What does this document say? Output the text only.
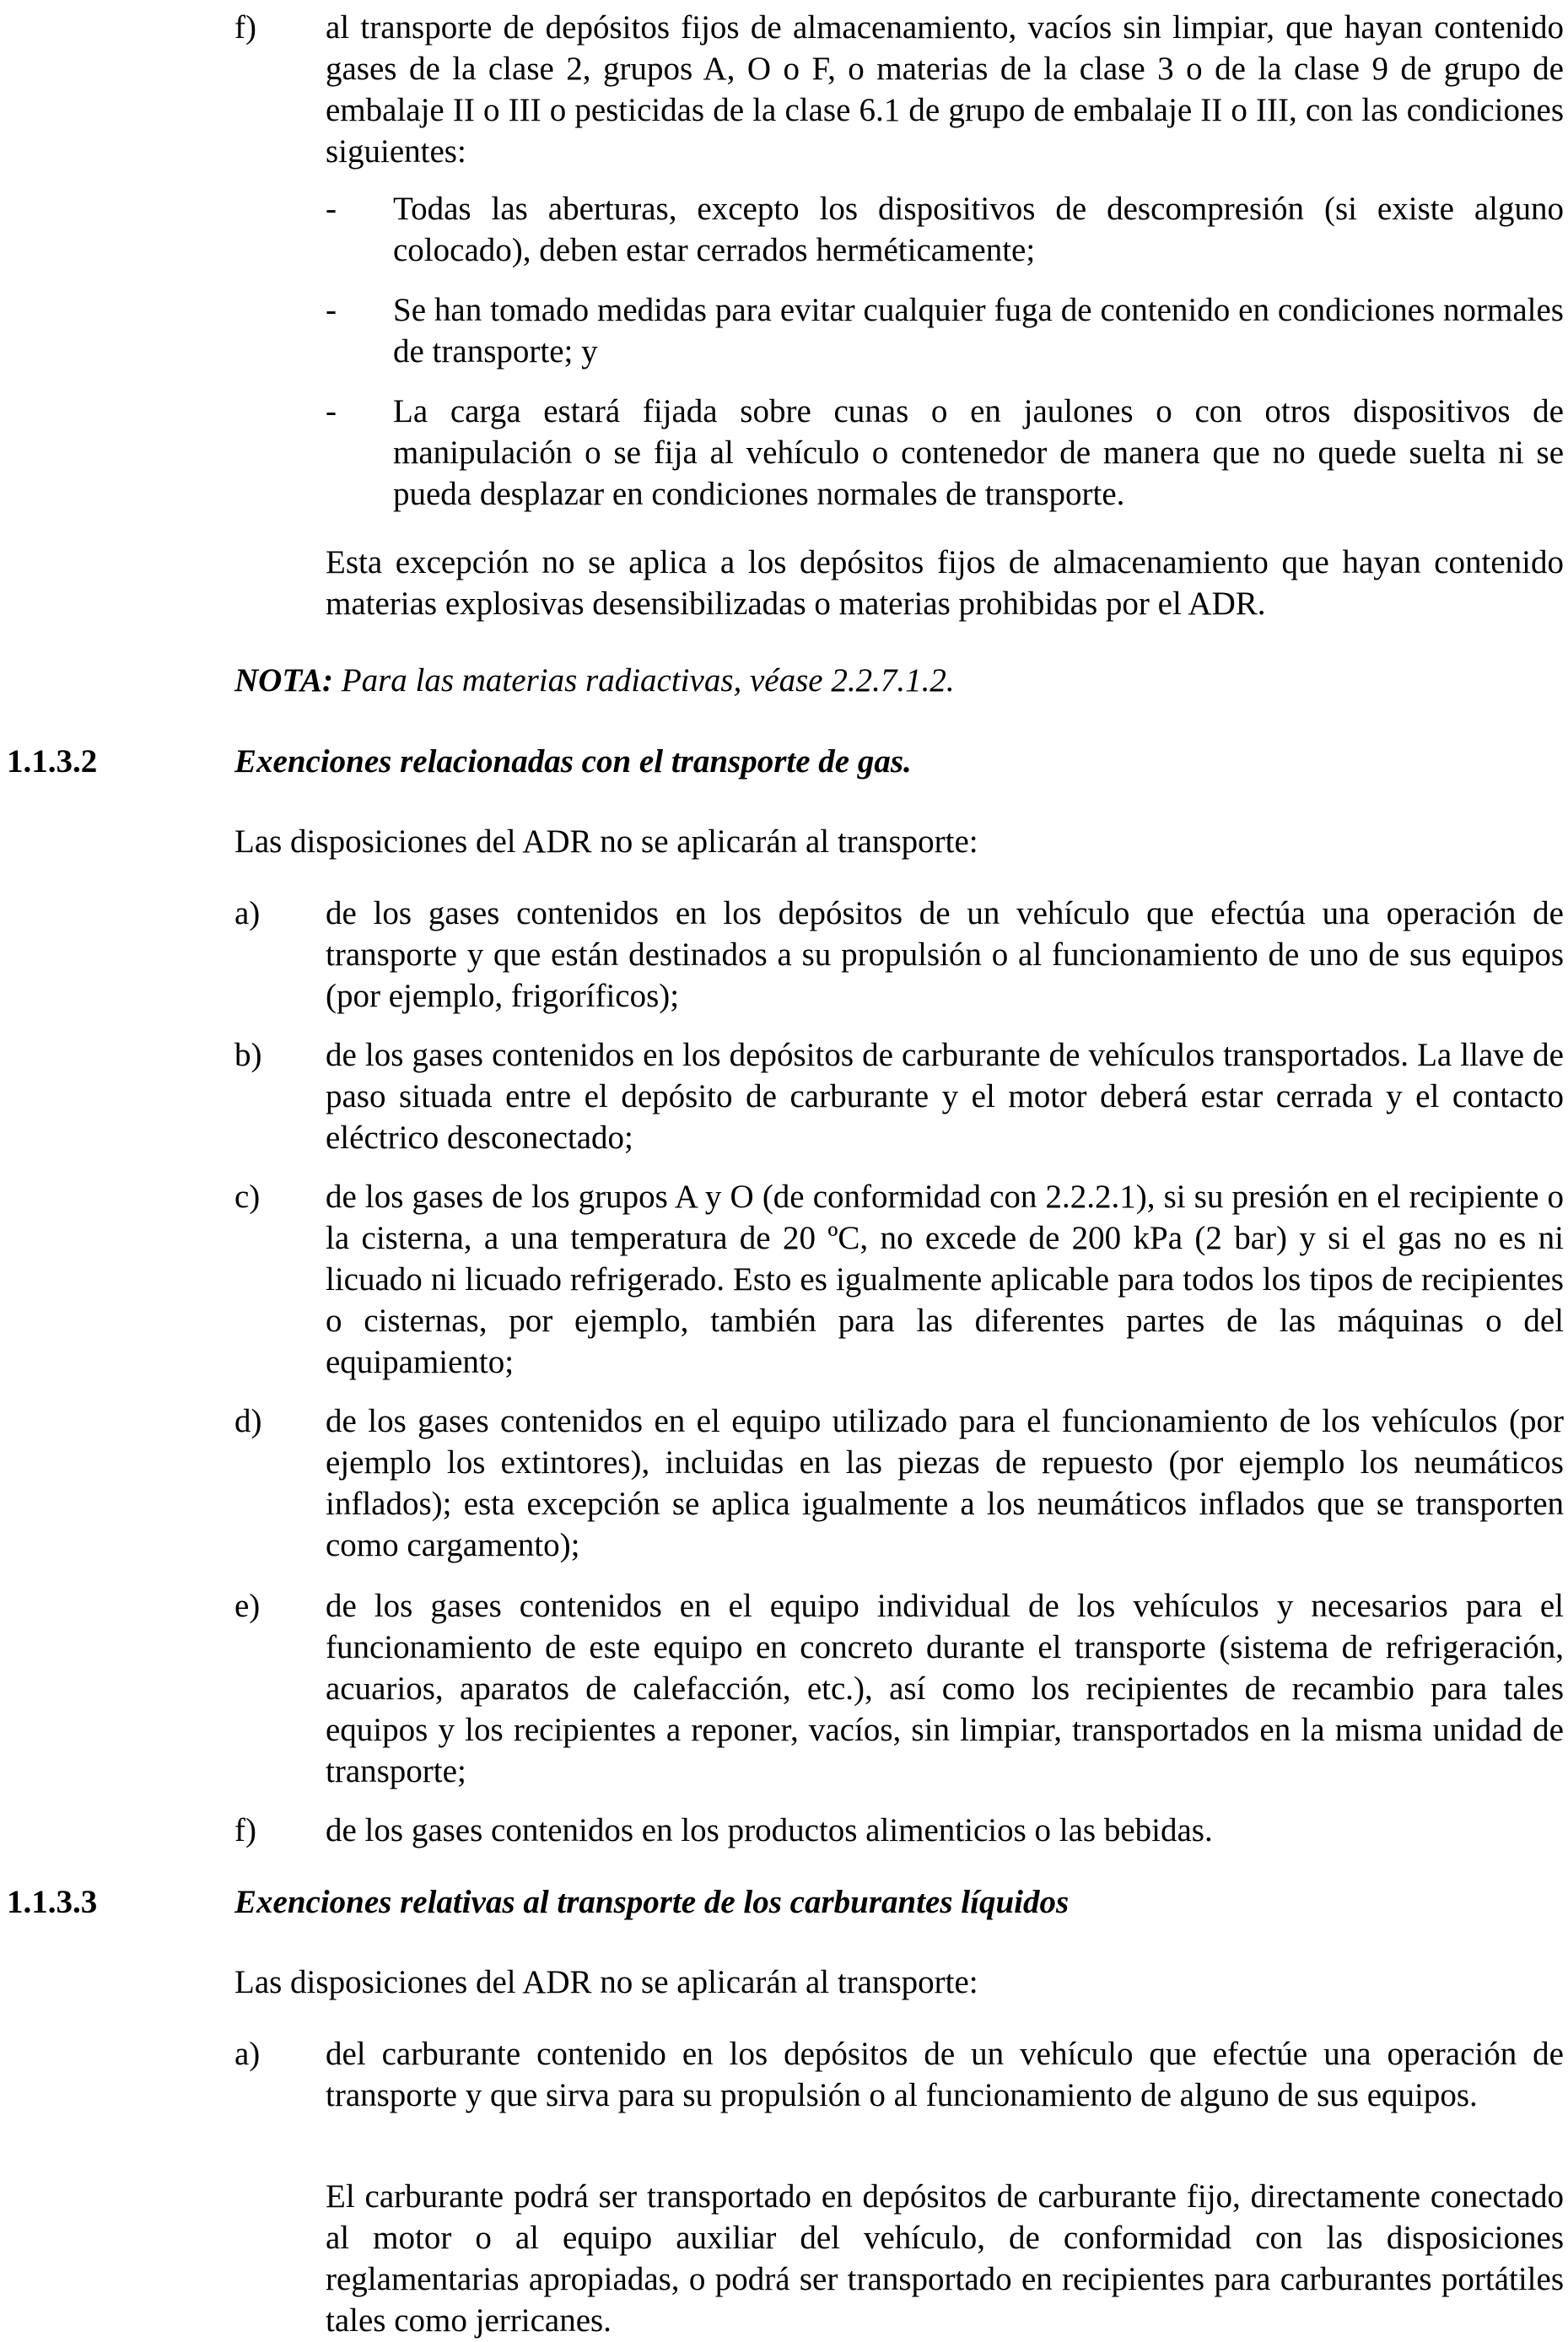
f) al transporte de depósitos fijos de almacenamiento, vacíos sin limpiar, que hayan contenido gases de la clase 2, grupos A, O o F, o materias de la clase 3 o de la clase 9 de grupo de embalaje II o III o pesticidas de la clase 6.1 de grupo de embalaje II o III, con las condiciones siguientes:
- Todas las aberturas, excepto los dispositivos de descompresión (si existe alguno colocado), deben estar cerrados herméticamente;
- Se han tomado medidas para evitar cualquier fuga de contenido en condiciones normales de transporte; y
- La carga estará fijada sobre cunas o en jaulones o con otros dispositivos de manipulación o se fija al vehículo o contenedor de manera que no quede suelta ni se pueda desplazar en condiciones normales de transporte.
Esta excepción no se aplica a los depósitos fijos de almacenamiento que hayan contenido materias explosivas desensibilizadas o materias prohibidas por el ADR.
NOTA: Para las materias radiactivas, véase 2.2.7.1.2.
1.1.3.2	Exenciones relacionadas con el transporte de gas.
Las disposiciones del ADR no se aplicarán al transporte:
a) de los gases contenidos en los depósitos de un vehículo que efectúa una operación de transporte y que están destinados a su propulsión o al funcionamiento de uno de sus equipos (por ejemplo, frigoríficos);
b) de los gases contenidos en los depósitos de carburante de vehículos transportados. La llave de paso situada entre el depósito de carburante y el motor deberá estar cerrada y el contacto eléctrico desconectado;
c) de los gases de los grupos A y O (de conformidad con 2.2.2.1), si su presión en el recipiente o la cisterna, a una temperatura de 20 ºC, no excede de 200 kPa (2 bar) y si el gas no es ni licuado ni licuado refrigerado. Esto es igualmente aplicable para todos los tipos de recipientes o cisternas, por ejemplo, también para las diferentes partes de las máquinas o del equipamiento;
d) de los gases contenidos en el equipo utilizado para el funcionamiento de los vehículos (por ejemplo los extintores), incluidas en las piezas de repuesto (por ejemplo los neumáticos inflados); esta excepción se aplica igualmente a los neumáticos inflados que se transporten como cargamento);
e) de los gases contenidos en el equipo individual de los vehículos y necesarios para el funcionamiento de este equipo en concreto durante el transporte (sistema de refrigeración, acuarios, aparatos de calefacción, etc.), así como los recipientes de recambio para tales equipos y los recipientes a reponer, vacíos, sin limpiar, transportados en la misma unidad de transporte;
f) de los gases contenidos en los productos alimenticios o las bebidas.
1.1.3.3	Exenciones relativas al transporte de los carburantes líquidos
Las disposiciones del ADR no se aplicarán al transporte:
a) del carburante contenido en los depósitos de un vehículo que efectúe una operación de transporte y que sirva para su propulsión o al funcionamiento de alguno de sus equipos.
El carburante podrá ser transportado en depósitos de carburante fijo, directamente conectado al motor o al equipo auxiliar del vehículo, de conformidad con las disposiciones reglamentarias apropiadas, o podrá ser transportado en recipientes para carburantes portátiles tales como jerricanes.
